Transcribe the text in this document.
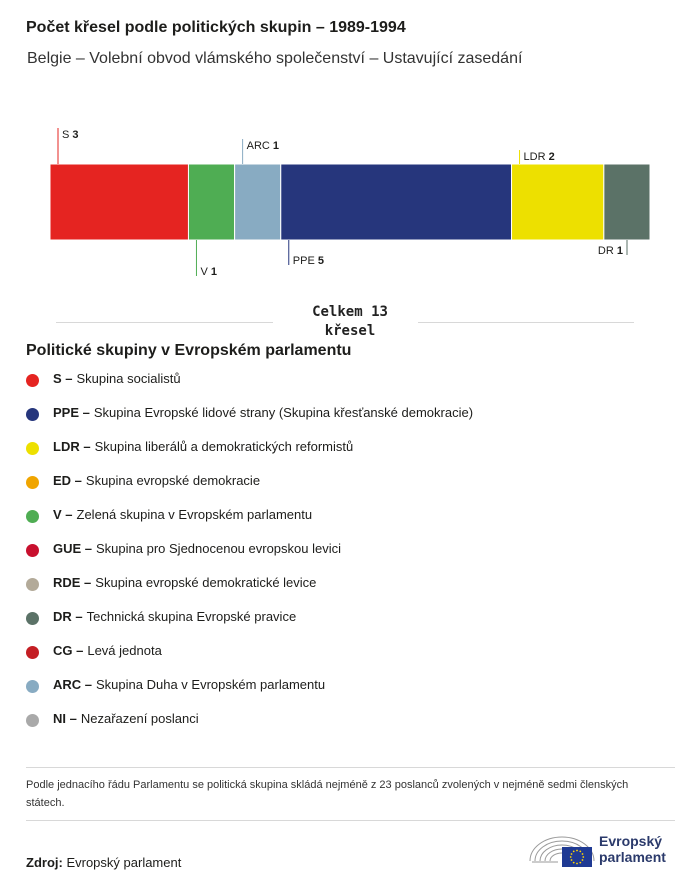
Počet křesel podle politických skupin – 1989-1994
Belgie – Volební obvod vlámského společenství – Ustavující zasedání
S 3
V 1
ARC 1
PPE 5
LDR 2
DR 1
Celkem 13
křesel
Politické skupiny v Evropském parlamentu
S – Skupina socialistů
PPE – Skupina Evropské lidové strany (Skupina křesťanské demokracie)
LDR – Skupina liberálů a demokratických reformistů
ED – Skupina evropské demokracie
V – Zelená skupina v Evropském parlamentu
GUE – Skupina pro Sjednocenou evropskou levici
RDE – Skupina evropské demokratické levice
DR – Technická skupina Evropské pravice
CG – Levá jednota
ARC – Skupina Duha v Evropském parlamentu
NI – Nezařazení poslanci
Podle jednacího řádu Parlamentu se politická skupina skládá nejméně z 23 poslanců zvolených v nejméně sedmi členských státech.
Zdroj: Evropský parlament
Evropský
parlament
